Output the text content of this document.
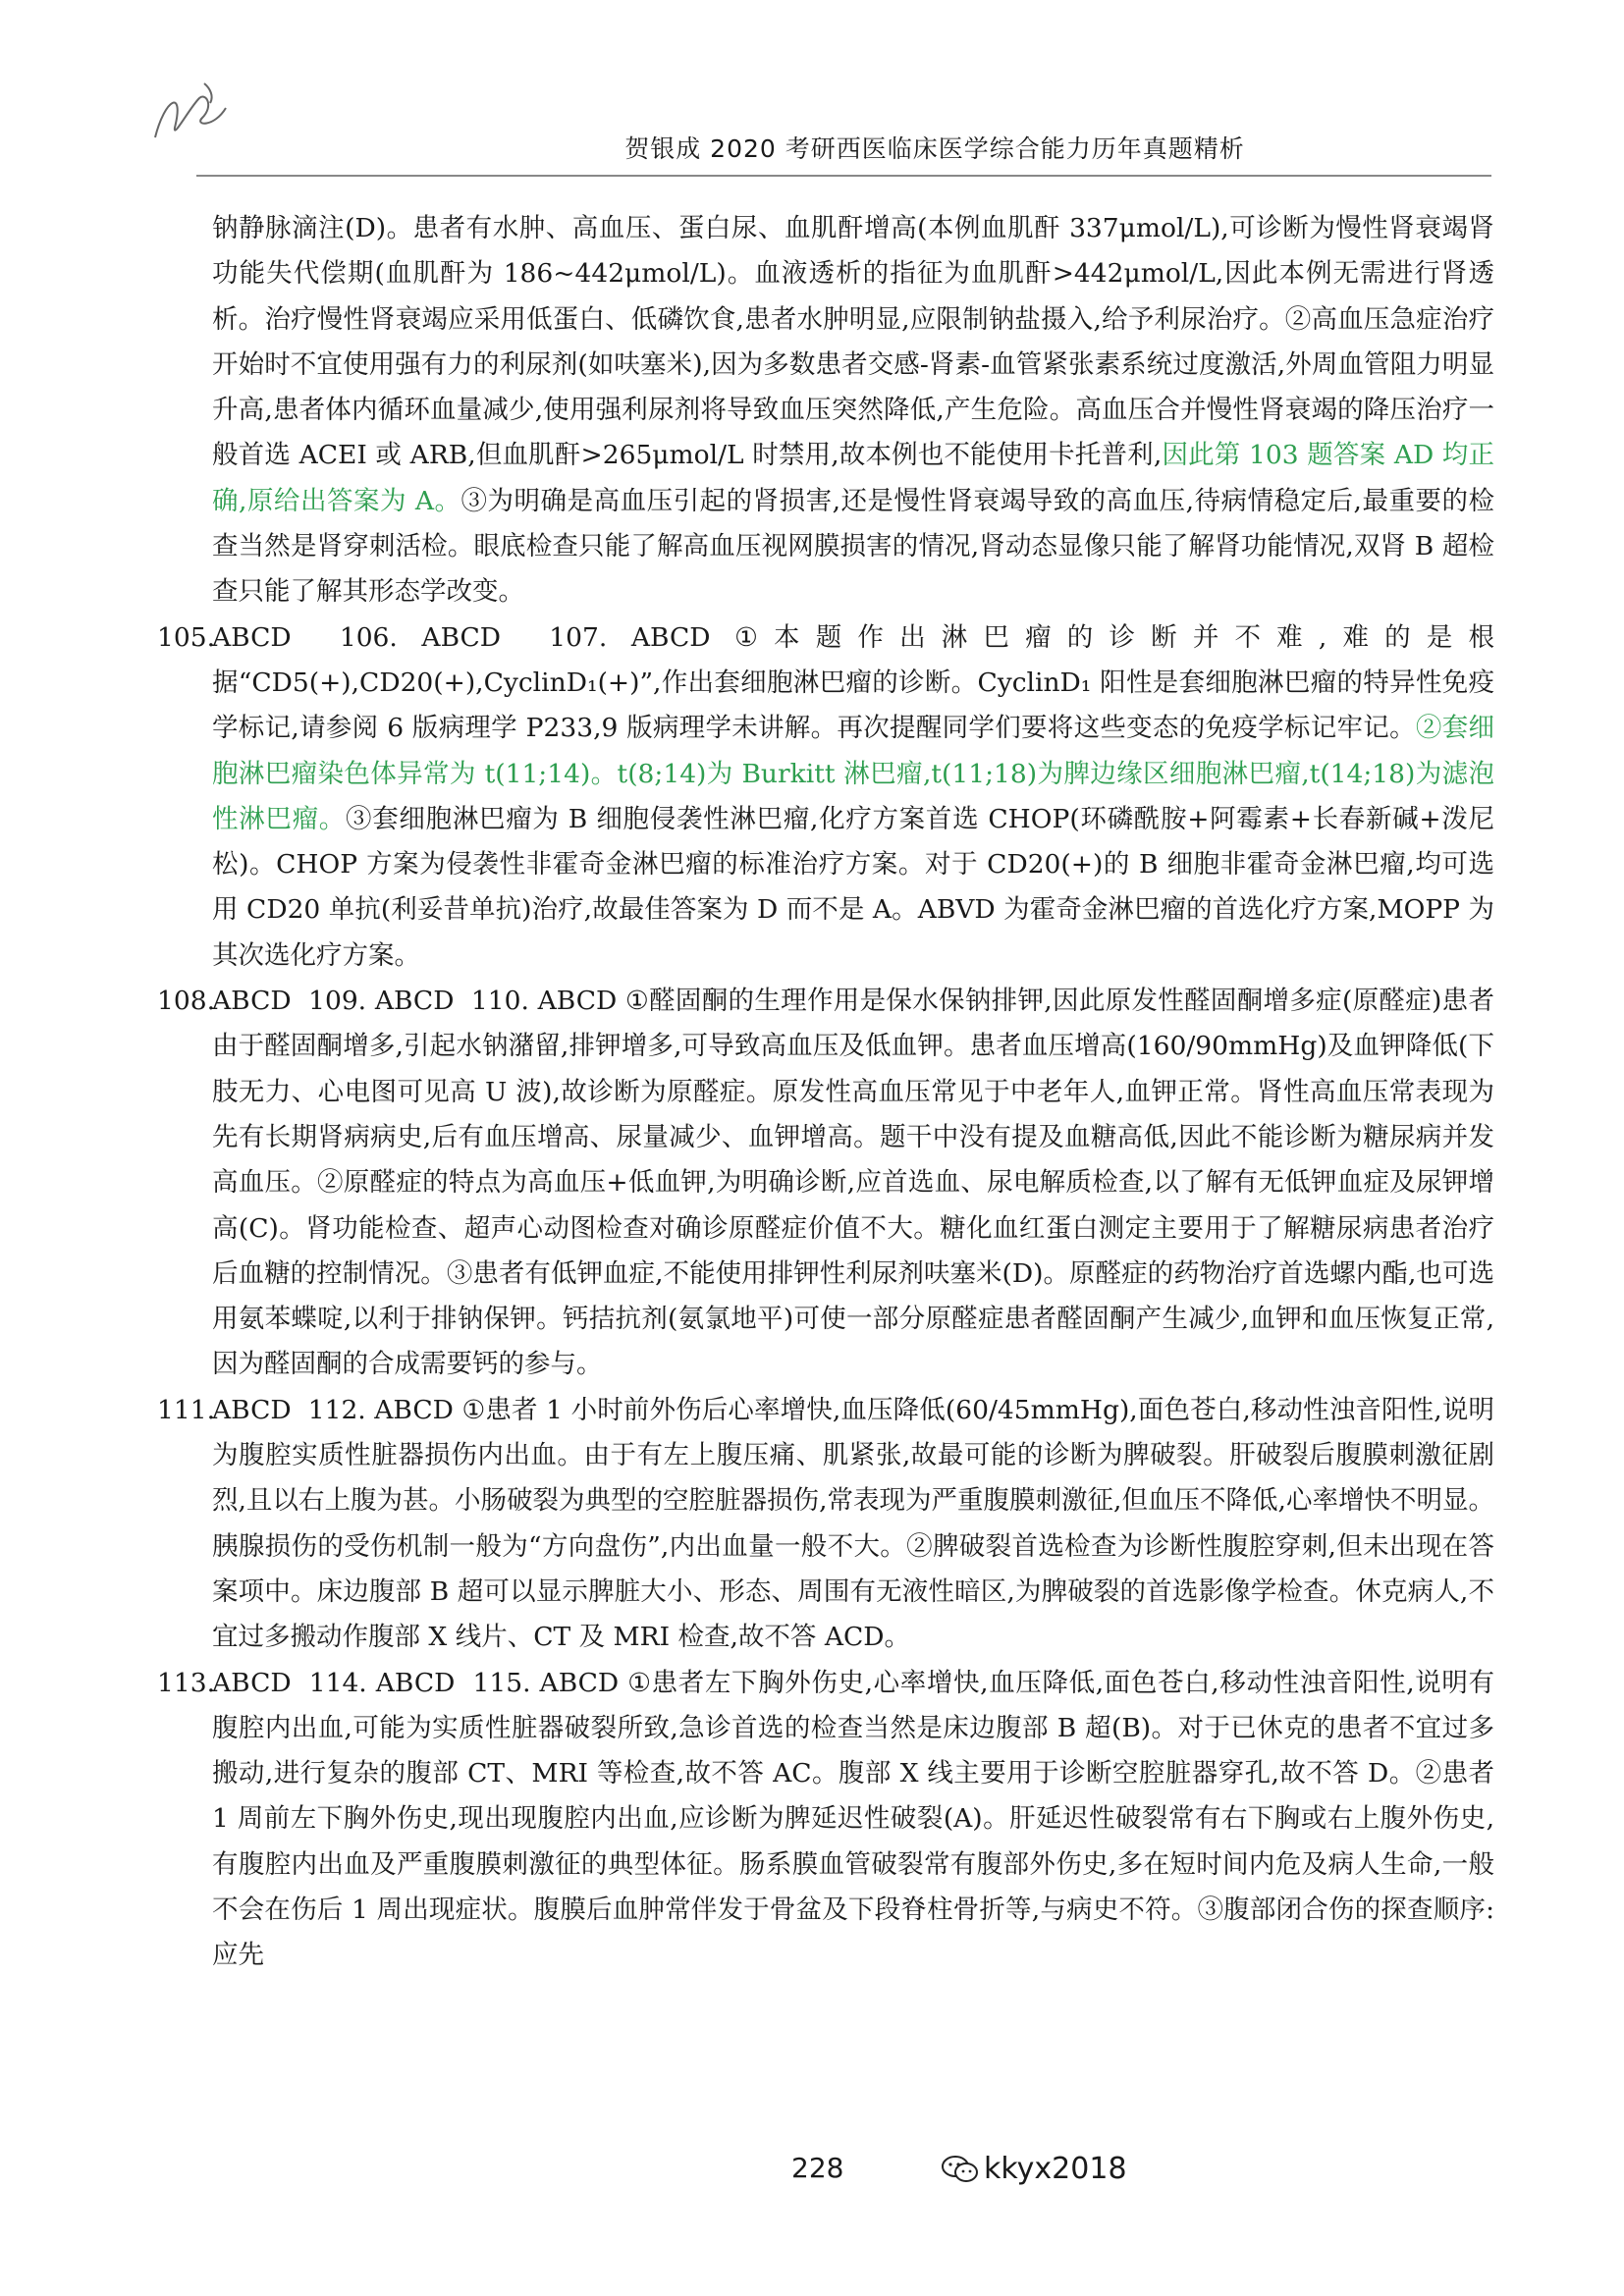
贺银成 2020 考研西医临床医学综合能力历年真题精析

钠静脉滴注(D)。患者有水肿、高血压、蛋白尿、血肌酐增高(本例血肌酐 337μmol/L),可诊断为慢性肾衰竭肾功能失代偿期(血肌酐为 186~442μmol/L)。血液透析的指征为血肌酐>442μmol/L,因此本例无需进行肾透析。治疗慢性肾衰竭应采用低蛋白、低磷饮食,患者水肿明显,应限制钠盐摄入,给予利尿治疗。②高血压急症治疗开始时不宜使用强有力的利尿剂(如呋塞米),因为多数患者交感-肾素-血管紧张素系统过度激活,外周血管阻力明显升高,患者体内循环血量减少,使用强利尿剂将导致血压突然降低,产生危险。高血压合并慢性肾衰竭的降压治疗一般首选 ACEI 或 ARB,但血肌酐>265μmol/L 时禁用,故本例也不能使用卡托普利,因此第 103 题答案 AD 均正确,原给出答案为 A。③为明确是高血压引起的肾损害,还是慢性肾衰竭导致的高血压,待病情稳定后,最重要的检查当然是肾穿刺活检。眼底检查只能了解高血压视网膜损害的情况,肾动态显像只能了解肾功能情况,双肾 B 超检查只能了解其形态学改变。

105.
ABCD  106. ABCD  107. ABCD ①本题作出淋巴瘤的诊断并不难,难的是根据“CD5(+),CD20(+),CyclinD₁(+)”,作出套细胞淋巴瘤的诊断。CyclinD₁ 阳性是套细胞淋巴瘤的特异性免疫学标记,请参阅 6 版病理学 P233,9 版病理学未讲解。再次提醒同学们要将这些变态的免疫学标记牢记。②套细胞淋巴瘤染色体异常为 t(11;14)。t(8;14)为 Burkitt 淋巴瘤,t(11;18)为脾边缘区细胞淋巴瘤,t(14;18)为滤泡性淋巴瘤。③套细胞淋巴瘤为 B 细胞侵袭性淋巴瘤,化疗方案首选 CHOP(环磷酰胺+阿霉素+长春新碱+泼尼松)。CHOP 方案为侵袭性非霍奇金淋巴瘤的标准治疗方案。对于 CD20(+)的 B 细胞非霍奇金淋巴瘤,均可选用 CD20 单抗(利妥昔单抗)治疗,故最佳答案为 D 而不是 A。ABVD 为霍奇金淋巴瘤的首选化疗方案,MOPP 为其次选化疗方案。
108.
ABCD  109. ABCD  110. ABCD ①醛固酮的生理作用是保水保钠排钾,因此原发性醛固酮增多症(原醛症)患者由于醛固酮增多,引起水钠潴留,排钾增多,可导致高血压及低血钾。患者血压增高(160/90mmHg)及血钾降低(下肢无力、心电图可见高 U 波),故诊断为原醛症。原发性高血压常见于中老年人,血钾正常。肾性高血压常表现为先有长期肾病病史,后有血压增高、尿量减少、血钾增高。题干中没有提及血糖高低,因此不能诊断为糖尿病并发高血压。②原醛症的特点为高血压+低血钾,为明确诊断,应首选血、尿电解质检查,以了解有无低钾血症及尿钾增高(C)。肾功能检查、超声心动图检查对确诊原醛症价值不大。糖化血红蛋白测定主要用于了解糖尿病患者治疗后血糖的控制情况。③患者有低钾血症,不能使用排钾性利尿剂呋塞米(D)。原醛症的药物治疗首选螺内酯,也可选用氨苯蝶啶,以利于排钠保钾。钙拮抗剂(氨氯地平)可使一部分原醛症患者醛固酮产生减少,血钾和血压恢复正常,因为醛固酮的合成需要钙的参与。
111.
ABCD  112. ABCD ①患者 1 小时前外伤后心率增快,血压降低(60/45mmHg),面色苍白,移动性浊音阳性,说明为腹腔实质性脏器损伤内出血。由于有左上腹压痛、肌紧张,故最可能的诊断为脾破裂。肝破裂后腹膜刺激征剧烈,且以右上腹为甚。小肠破裂为典型的空腔脏器损伤,常表现为严重腹膜刺激征,但血压不降低,心率增快不明显。胰腺损伤的受伤机制一般为“方向盘伤”,内出血量一般不大。②脾破裂首选检查为诊断性腹腔穿刺,但未出现在答案项中。床边腹部 B 超可以显示脾脏大小、形态、周围有无液性暗区,为脾破裂的首选影像学检查。休克病人,不宜过多搬动作腹部 X 线片、CT 及 MRI 检查,故不答 ACD。
113.
ABCD  114. ABCD  115. ABCD ①患者左下胸外伤史,心率增快,血压降低,面色苍白,移动性浊音阳性,说明有腹腔内出血,可能为实质性脏器破裂所致,急诊首选的检查当然是床边腹部 B 超(B)。对于已休克的患者不宜过多搬动,进行复杂的腹部 CT、MRI 等检查,故不答 AC。腹部 X 线主要用于诊断空腔脏器穿孔,故不答 D。②患者 1 周前左下胸外伤史,现出现腹腔内出血,应诊断为脾延迟性破裂(A)。肝延迟性破裂常有右下胸或右上腹外伤史,有腹腔内出血及严重腹膜刺激征的典型体征。肠系膜血管破裂常有腹部外伤史,多在短时间内危及病人生命,一般不会在伤后 1 周出现症状。腹膜后血肿常伴发于骨盆及下段脊柱骨折等,与病史不符。③腹部闭合伤的探查顺序:应先
228	kkyx2018
